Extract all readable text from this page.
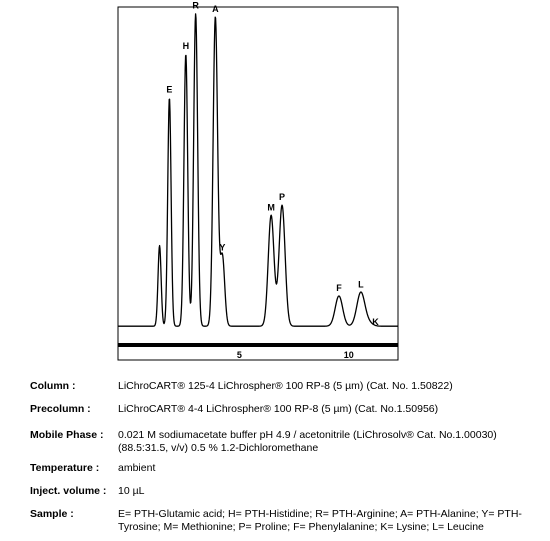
5	10
E
H
R A
Y
M
P
F L
K
Column :	LiChroCART® 125-4 LiChrospher® 100 RP-8 (5 µm) (Cat. No. 1.50822)
Precolumn :	LiChroCART® 4-4 LiChrospher® 100 RP-8 (5 µm) (Cat. No.1.50956)
Mobile Phase :	0.021 M sodiumacetate buffer pH 4.9 / acetonitrile (LiChrosolv® Cat. No.1.00030) (88.5:31.5, v/v) 0.5 % 1.2-Dichloromethane
Temperature :	ambient
Inject. volume :	10 µL
Sample :	E= PTH-Glutamic acid; H= PTH-Histidine; R= PTH-Arginine; A= PTH-Alanine; Y= PTH-Tyrosine; M= Methionine; P= Proline; F= Phenylalanine; K= Lysine; L= Leucine
